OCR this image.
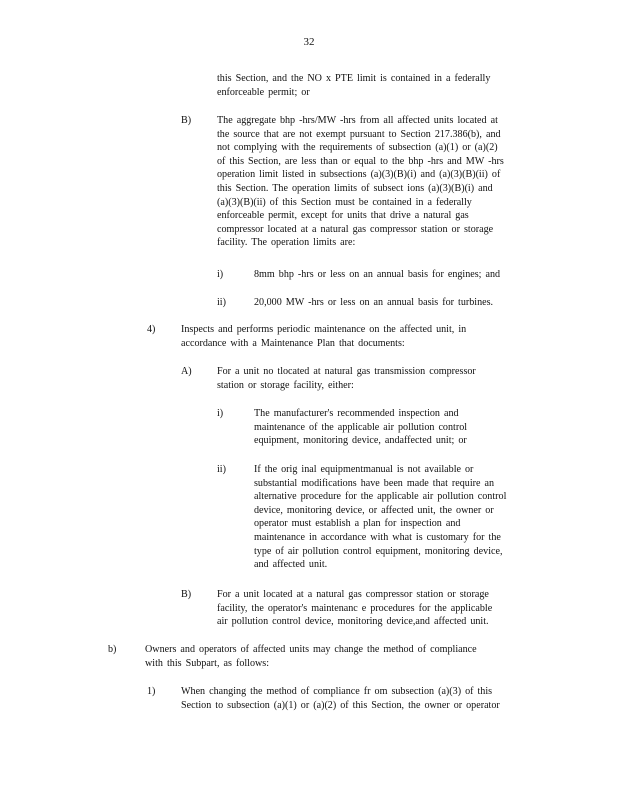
32
this Section, and the NO x PTE limit is contained in a federally
enforceable permit; or
B)	The aggregate bhp -hrs/MW -hrs from all affected units located at
the source that are not exempt pursuant to Section 217.386(b), and
not complying with the requirements of subsection (a)(1) or (a)(2)
of this Section, are less than or equal to the bhp -hrs and MW -hrs
operation limit listed in subsections (a)(3)(B)(i) and (a)(3)(B)(ii) of
this Section. The operation limits of subsect ions (a)(3)(B)(i) and
(a)(3)(B)(ii) of this Section must be contained in a federally
enforceable permit, except for units that drive a natural gas
compressor located at a natural gas compressor station or storage
facility. The operation limits are:
i)	8mm bhp -hrs or less on an annual basis for engines; and
ii)	20,000 MW -hrs or less on an annual basis for turbines.
4)	Inspects and performs periodic maintenance on the affected unit, in
accordance with a Maintenance Plan that documents:
A)	For a unit no tlocated at natural gas transmission compressor
station or storage facility, either:
i)	The manufacturer's recommended inspection and
maintenance of the applicable air pollution control
equipment, monitoring device, andaffected unit; or
ii)	If the orig inal equipmentmanual is not available or
substantial modifications have been made that require an
alternative procedure for the applicable air pollution control
device, monitoring device, or affected unit, the owner or
operator must establish a plan for inspection and
maintenance in accordance with what is customary for the
type of air pollution control equipment, monitoring device,
and affected unit.
B)	For a unit located at a natural gas compressor station or storage
facility, the operator's maintenanc e procedures for the applicable
air pollution control device, monitoring device,and affected unit.
b)	Owners and operators of affected units may change the method of compliance
with this Subpart, as follows:
1)	When changing the method of compliance fr om subsection (a)(3) of this
Section to subsection (a)(1) or (a)(2) of this Section, the owner or operator
